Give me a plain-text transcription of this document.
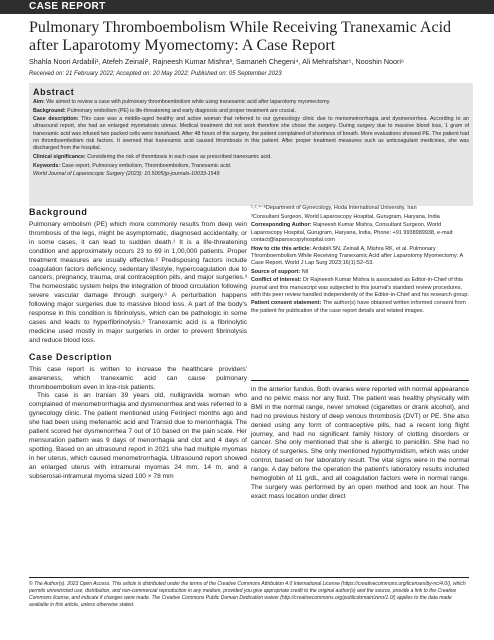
CASE REPORT
Pulmonary Thromboembolism While Receiving Tranexamic Acid after Laparotomy Myomectomy: A Case Report
Shahla Noori Ardabili¹, Atefeh Zeinali², Rajneesh Kumar Mishra³, Samaneh Chegeni⁴, Ali Mehrafshar⁵, Nooshin Noori⁶
Received on: 21 February 2022; Accepted on: 20 May 2022; Published on: 05 September 2023
Abstract

Aim: We aimed to review a case with pulmonary thromboembolism while using tranexamic acid after laparotomy myomectomy.

Background: Pulmonary embolism (PE) is life-threatening and early diagnosis and proper treatment are crucial.

Case description: This case was a middle-aged healthy and active woman that referred to our gynecology clinic due to menometrorrhagia and dysmenorrhea. According to an ultrasound report, she had an enlarged myomatosis uterus. Medical treatment did not work therefore she chose the surgery. During surgery due to massive blood loss, 1 gram of tranexamic acid was infused two packed cells were transfused. After 48 hours of the surgery, the patient complained of shortness of breath. More evaluations showed PE. The patient had no thromboembolism risk factors. It seemed that tranexamic acid caused thrombosis in this patient. After proper treatment measures such as anticoagulant medicines, she was discharged from the hospital.

Clinical significance: Considering the risk of thrombosis in each case as prescribed tranexamic acid.

Keywords: Case report, Pulmonary embolism, Thromboembolism, Tranexamic acid.

World Journal of Laparoscopic Surgery (2023): 10.5005/jp-journals-10033-1549

Background

Pulmonary embolism (PE) which more commonly results from deep vein thrombosis of the legs, might be asymptomatic, diagnosed accidentally, or in some cases, it can lead to sudden death.¹ It is a life-threatening condition and approximately occurs 23 to 69 in 1,00,000 patients. Proper treatment measures are usually effective.² Predisposing factors include coagulation factors deficiency, sedentary lifestyle, hypercoagulation due to cancers, pregnancy, trauma, oral contraception pills, and major surgeries.³ The homeostatic system helps the integration of blood circulation following severe vascular damage through surgery.³ A perturbation happens following major surgeries due to massive blood loss. A part of the body's response in this condition is fibrinolysis, which can be pathologic in some cases and leads to hyperfibrinolysis.³ Tranexamic acid is a fibrinolytic medicine used mostly in major surgeries in order to prevent fibrinolysis and reduce blood loss.

Case Description

This case report is written to increase the healthcare providers' awareness, which tranexamic acid can cause pulmonary thromboembolism even in low-risk patients.

This case is an Iranian 39 years old, nulligravida woman who complained of menometrorrhagia and dysmenorrhea and was referred to a gynecology clinic. The patient mentioned using Ferinject months ago and she had been using mefenamic acid and Transid due to menorrhagia. The patient scored her dysmenorrhea 7 out of 10 based on the pain scale. Her mensuration pattern was 9 days of menorrhagia and clot and 4 days of spotting. Based on an ultrasound report in 2021 she had multiple myomas in her uterus, which caused menometrorrhagia. Ultrasound report showed an enlarged uterus with intramural myomas 24 mm, 14 m, and a subserosal-intramural myoma sized 100 × 78 mm

¹˒²˒⁴⁻⁶Department of Gynecology, Hoda International University, Iran

³Consultant Surgeon, World Laparoscopy Hospital, Gurugram, Haryana, India

Corresponding Author: Rajneesh Kumar Mishra, Consultant Surgeon, World Laparoscopy Hospital, Gurugram, Haryana, India, Phone: +91 9938989938, e-mail: contact@laparoscopyhospital.com

How to cite this article: Ardabili SN, Zeinali A, Mishra RK, et al. Pulmonary Thromboembolism While Receiving Tranexamic Acid after Laparotomy Myomectomy: A Case Report. World J Lap Surg 2023;16(1):52–53.

Source of support: Nil

Conflict of interest: Dr Rajneesh Kumar Mishra is associated as Editor-in-Chief of this journal and this manuscript was subjected to this journal's standard review procedures, with this peer review handled independently of the Editor-in-Chief and his research group.

Patient consent statement: The author(s) have obtained written informed consent from the patient for publication of the case report details and related images.

in the anterior fundus. Both ovaries were reported with normal appearance and no pelvic mass nor any fluid. The patient was healthy physically with BMI in the normal range, never smoked (cigarettes or drank alcohol), and had no previous history of deep venous thrombosis (DVT) or PE. She also denied using any form of contraceptive pills, had a recent long flight journey, and had no significant family history of clotting disorders or cancer. She only mentioned that she is allergic to penicillin. She had no history of surgeries. She only mentioned hypothyroidism, which was under control, based on her laboratory result. The vital signs were in the normal range. A day before the operation the patient's laboratory results included hemoglobin of 11 g/dL, and all coagulation factors were in normal range. The surgery was performed by an open method and took an hour. The exact mass location under direct

© The Author(s). 2023 Open Access. This article is distributed under the terms of the Creative Commons Attribution 4.0 International License (https://creativecommons.org/licenses/by-nc/4.0/), which permits unrestricted use, distribution, and non-commercial reproduction in any medium, provided you give appropriate credit to the original author(s) and the source, provide a link to the Creative Commons license, and indicate if changes were made. The Creative Commons Public Domain Dedication waiver (http://creativecommons.org/publicdomain/zero/1.0/) applies to the data made available in this article, unless otherwise stated.
